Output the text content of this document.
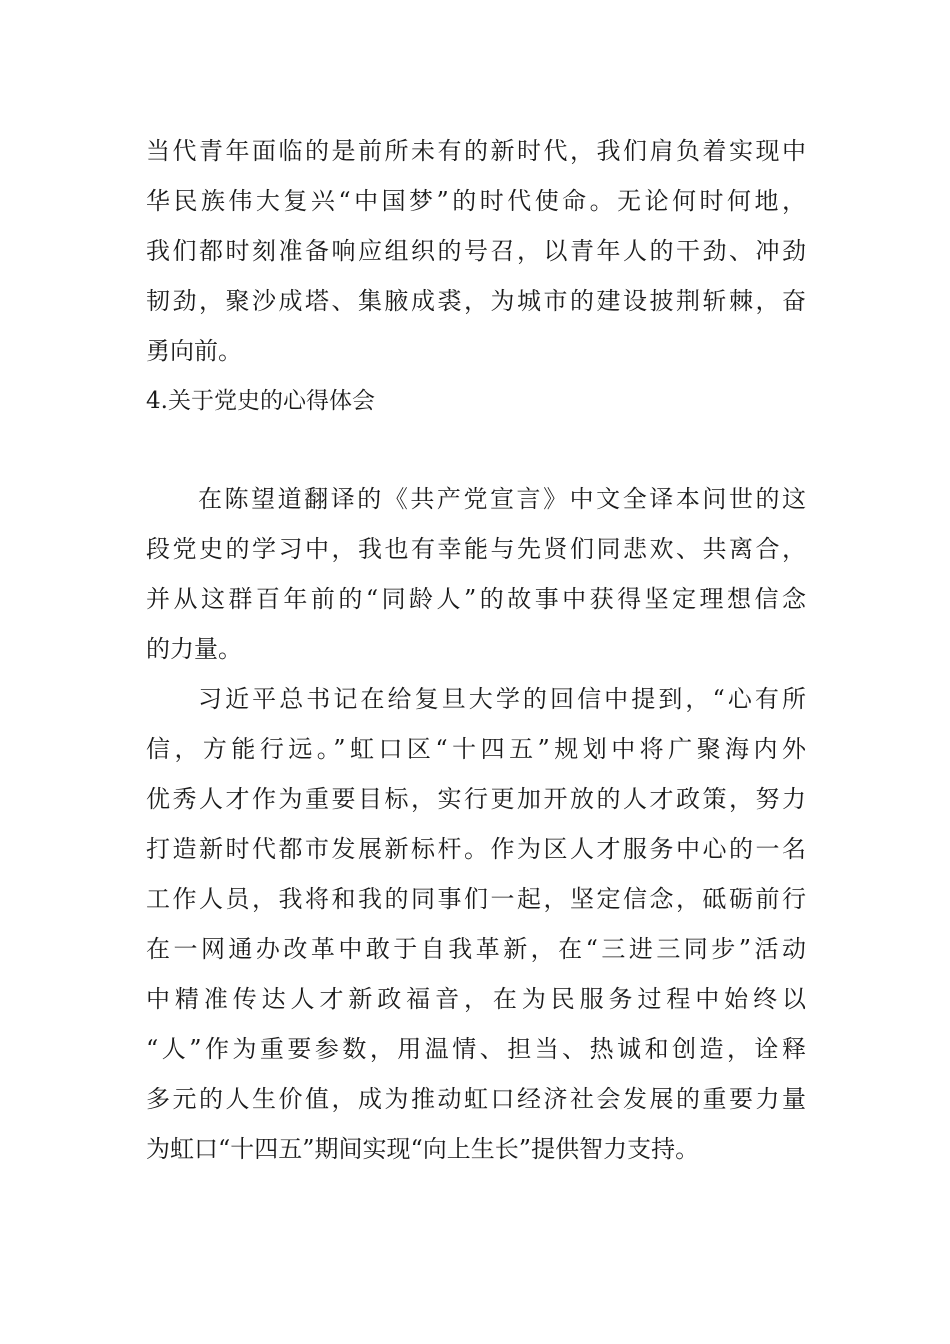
当代青年面临的是前所未有的新时代，我们肩负着实现中
华民族伟大复兴“中国梦”的时代使命。无论何时何地，
我们都时刻准备响应组织的号召，以青年人的干劲、冲劲
韧劲，聚沙成塔、集腋成裘，为城市的建设披荆斩棘，奋
勇向前。
4.关于党史的心得体会
在陈望道翻译的《共产党宣言》中文全译本问世的这
段党史的学习中，我也有幸能与先贤们同悲欢、共离合，
并从这群百年前的“同龄人”的故事中获得坚定理想信念
的力量。
习近平总书记在给复旦大学的回信中提到，“心有所
信，方能行远。”虹口区“十四五”规划中将广聚海内外
优秀人才作为重要目标，实行更加开放的人才政策，努力
打造新时代都市发展新标杆。作为区人才服务中心的一名
工作人员，我将和我的同事们一起，坚定信念，砥砺前行
在一网通办改革中敢于自我革新，在“三进三同步”活动
中精准传达人才新政福音，在为民服务过程中始终以
“人”作为重要参数，用温情、担当、热诚和创造，诠释
多元的人生价值，成为推动虹口经济社会发展的重要力量
为虹口“十四五”期间实现“向上生长”提供智力支持。
